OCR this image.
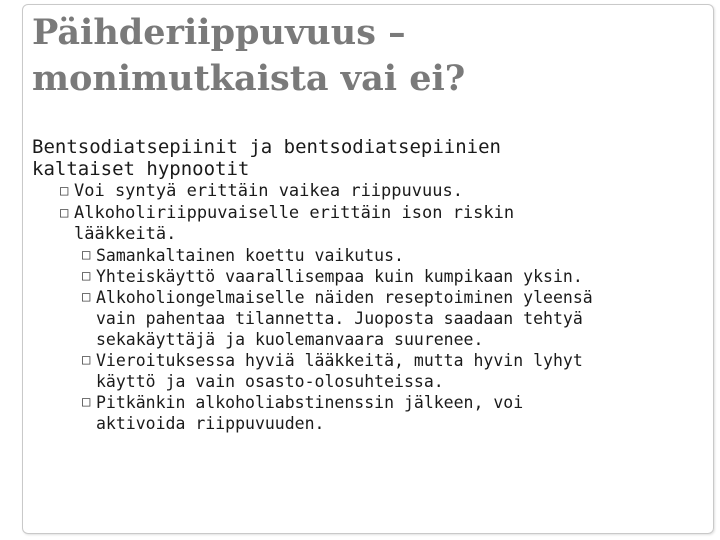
Päihderiippuvuus – monimutkaista vai ei?
Bentsodiatsepiinit ja bentsodiatsepiinien
kaltaiset hypnootit
□ Voi syntyä erittäin vaikea riippuvuus.
□ Alkoholiriippuvaiselle erittäin ison riskin
lääkkeitä.
□ Samankaltainen koettu vaikutus.
□ Yhteiskäyttö vaarallisempaa kuin kumpikaan yksin.
□ Alkoholiongelmaiselle näiden reseptoiminen yleensä
vain pahentaa tilannetta. Juoposta saadaan tehtyä
sekakäyttäjä ja kuolemanvaara suurenee.
□ Vieroituksessa hyviä lääkkeitä, mutta hyvin lyhyt
käyttö ja vain osasto-olosuhteissa.
□ Pitkänkin alkoholiabstinenssin jälkeen, voi
aktivoida riippuvuuden.
